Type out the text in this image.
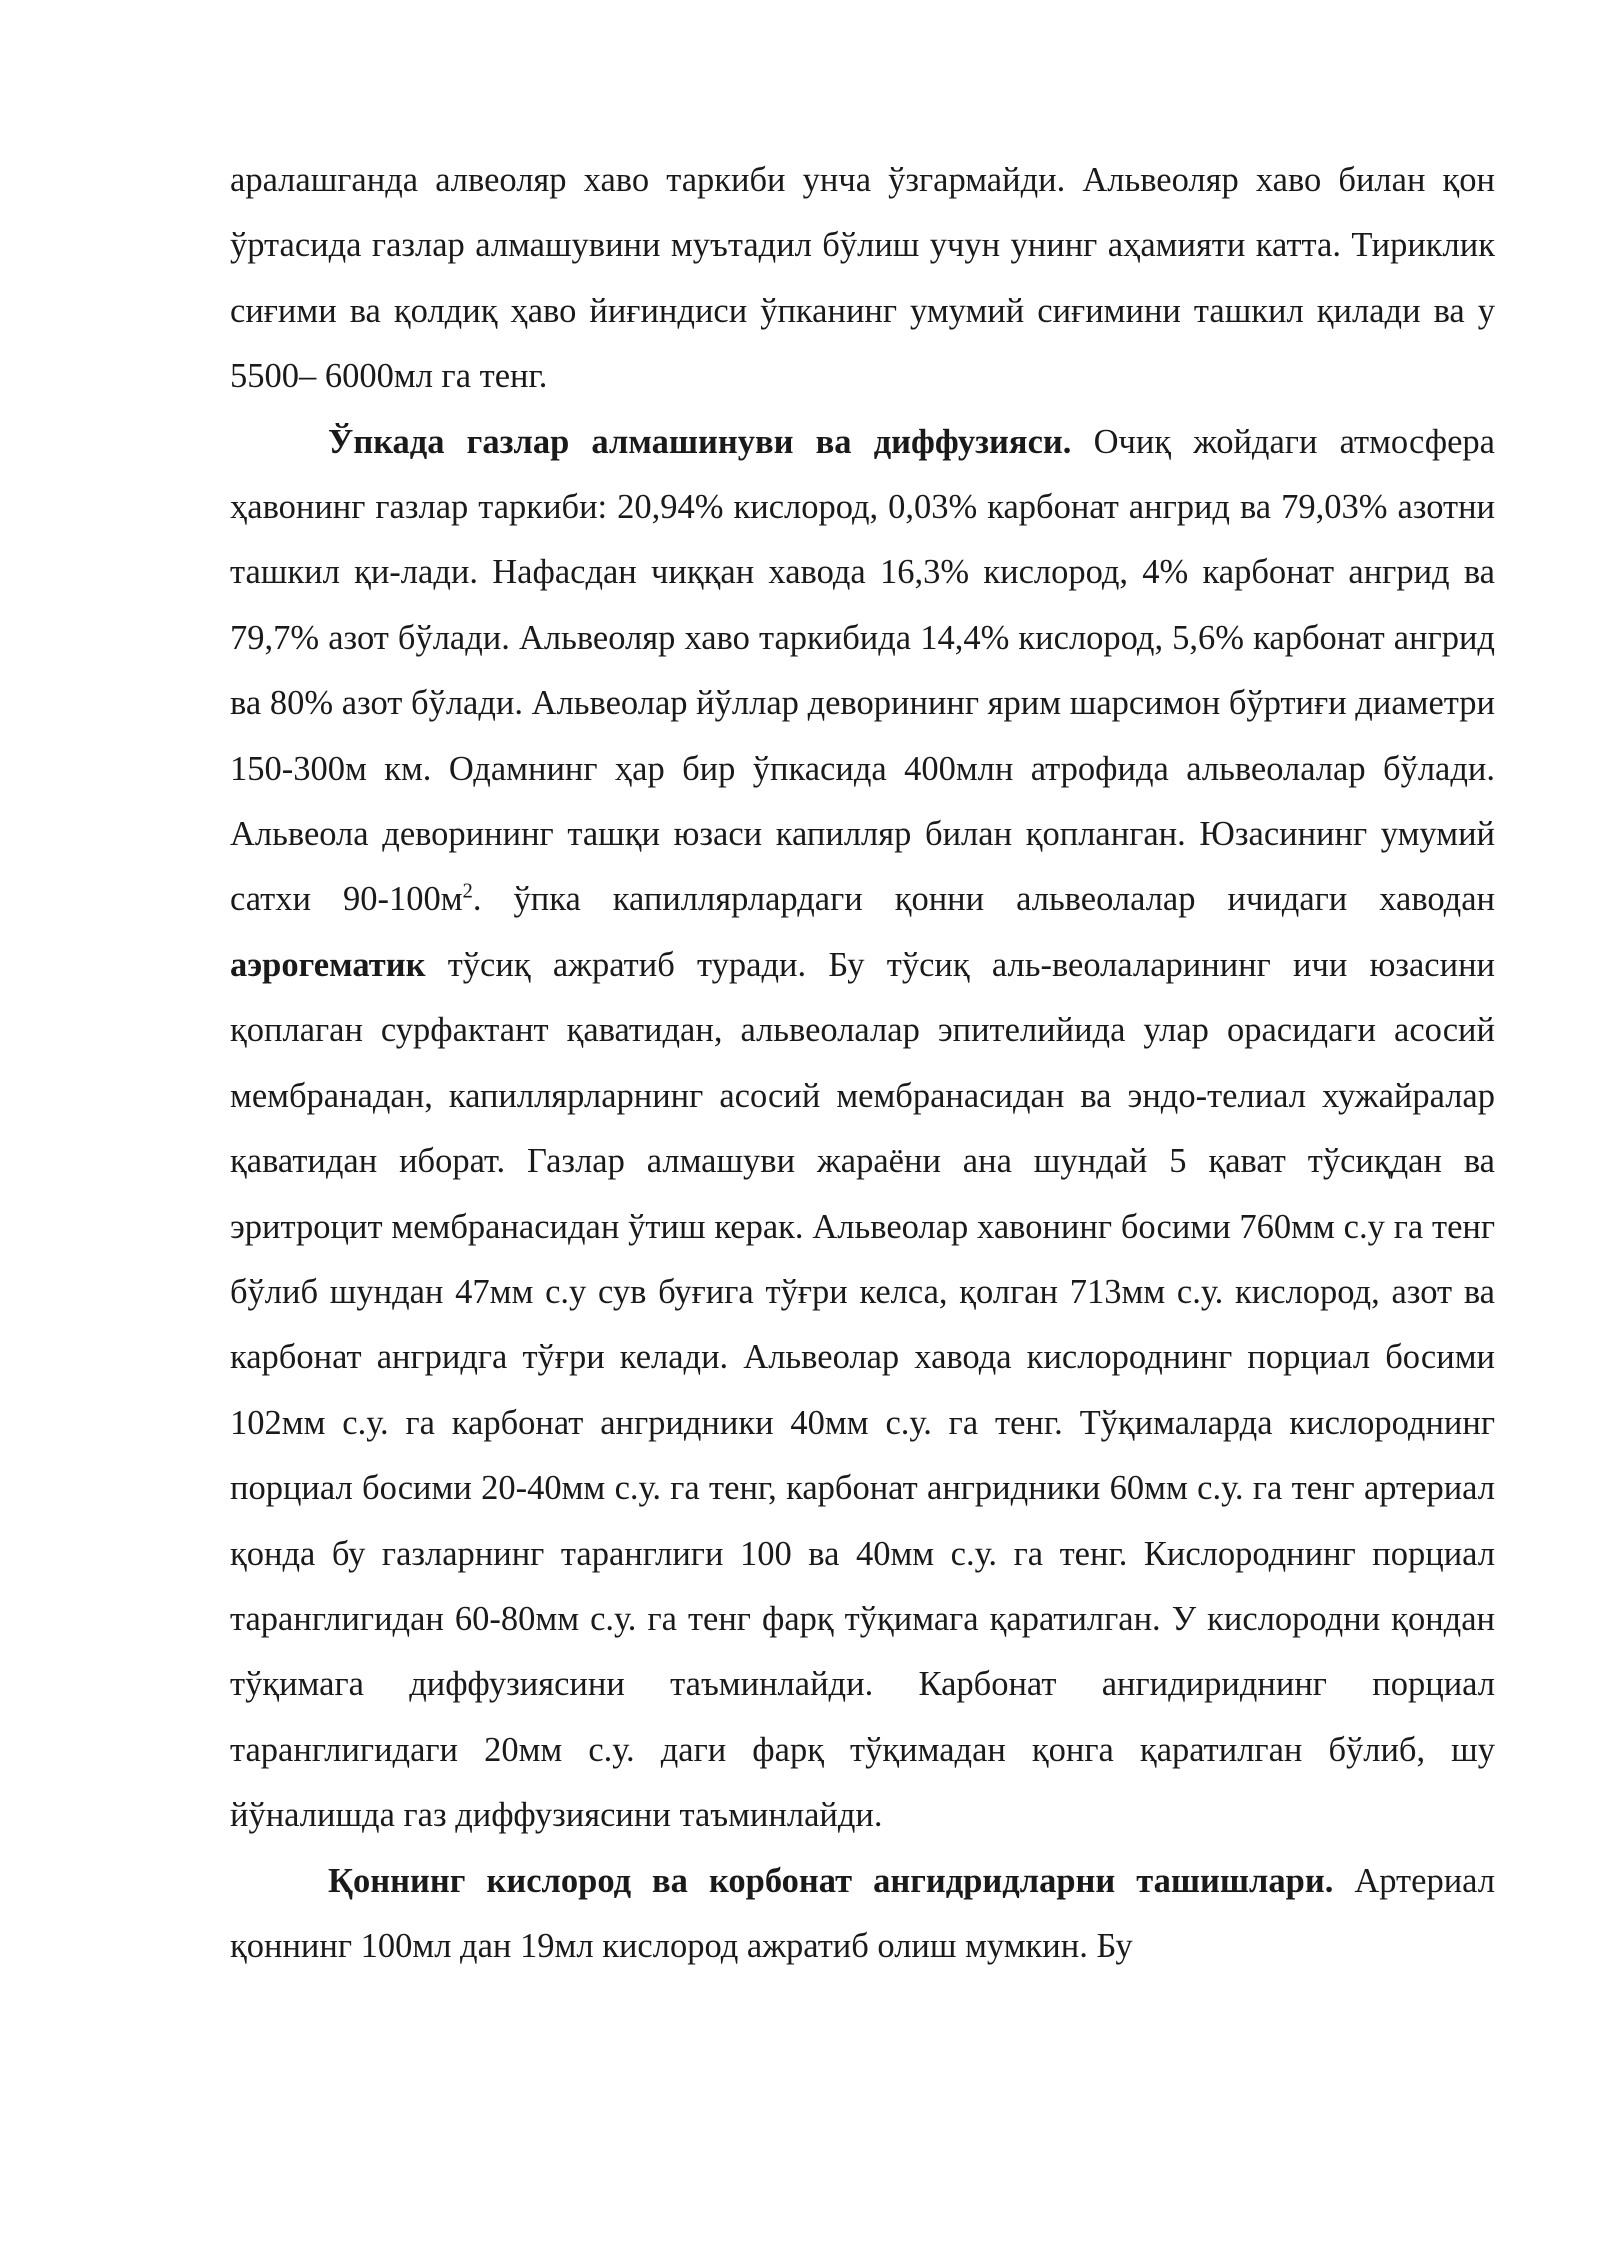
аралашганда алвеоляр хаво таркиби унча ўзгармайди. Альвеоляр хаво билан қон ўртасида газлар алмашувини муътадил бўлиш учун унинг аҳамияти катта. Тириклик сиғими ва қолдиқ ҳаво йиғиндиси ўпканинг умумий сиғимини ташкил қилади ва у 5500– 6000мл га тенг.

Ўпкада газлар алмашинуви ва диффузияси. Очиқ жойдаги атмосфера ҳавонинг газлар таркиби: 20,94% кислород, 0,03% карбонат ангрид ва 79,03% азотни ташкил қи-лади. Нафасдан чиққан хавода 16,3% кислород, 4% карбонат ангрид ва 79,7% азот бўлади. Альвеоляр хаво таркибида 14,4% кислород, 5,6% карбонат ангрид ва 80% азот бўлади. Альвеолар йўллар деворининг ярим шарсимон бўртиғи диаметри 150-300м км. Одамнинг ҳар бир ўпкасида 400млн атрофида альвеолалар бўлади. Альвеола деворининг ташқи юзаси капилляр билан қопланган. Юзасининг умумий сатхи $90-100м^2$. ўпка капиллярлардаги қонни альвеолалар ичидаги хаводан аэрогематик тўсиқ ажратиб туради. Бу тўсиқ аль-веолаларининг ичи юзасини қоплаган сурфактант қаватидан, альвеолалар эпителийида улар орасидаги асосий мембранадан, капиллярларнинг асосий мембранасидан ва эндо-телиал хужайралар қаватидан иборат. Газлар алмашуви жараёни ана шундай 5 қават тўсиқдан ва эритроцит мембранасидан ўтиш керак. Альвеолар хавонинг босими 760мм с.у га тенг бўлиб шундан 47мм с.у сув буғига тўғри келса, қолган 713мм с.у. кислород, азот ва карбонат ангридга тўғри келади. Альвеолар хавода кислороднинг порциал босими 102мм с.у. га карбонат ангридники 40мм с.у. га тенг. Тўқималарда кислороднинг порциал босими 20-40мм с.у. га тенг, карбонат ангридники 60мм с.у. га тенг артериал қонда бу газларнинг таранглиги 100 ва 40мм с.у. га тенг. Кислороднинг порциал таранглигидан 60-80мм с.у. га тенг фарқ тўқимага қаратилган. У кислородни қондан тўқимага диффузиясини таъминлайди. Карбонат ангидириднинг порциал таранглигидаги 20мм с.у. даги фарқ тўқимадан қонга қаратилган бўлиб, шу йўналишда газ диффузиясини таъминлайди.

Қоннинг кислород ва корбонат ангидридларни ташишлари. Артериал қоннинг 100мл дан 19мл кислород ажратиб олиш мумкин. Бу
